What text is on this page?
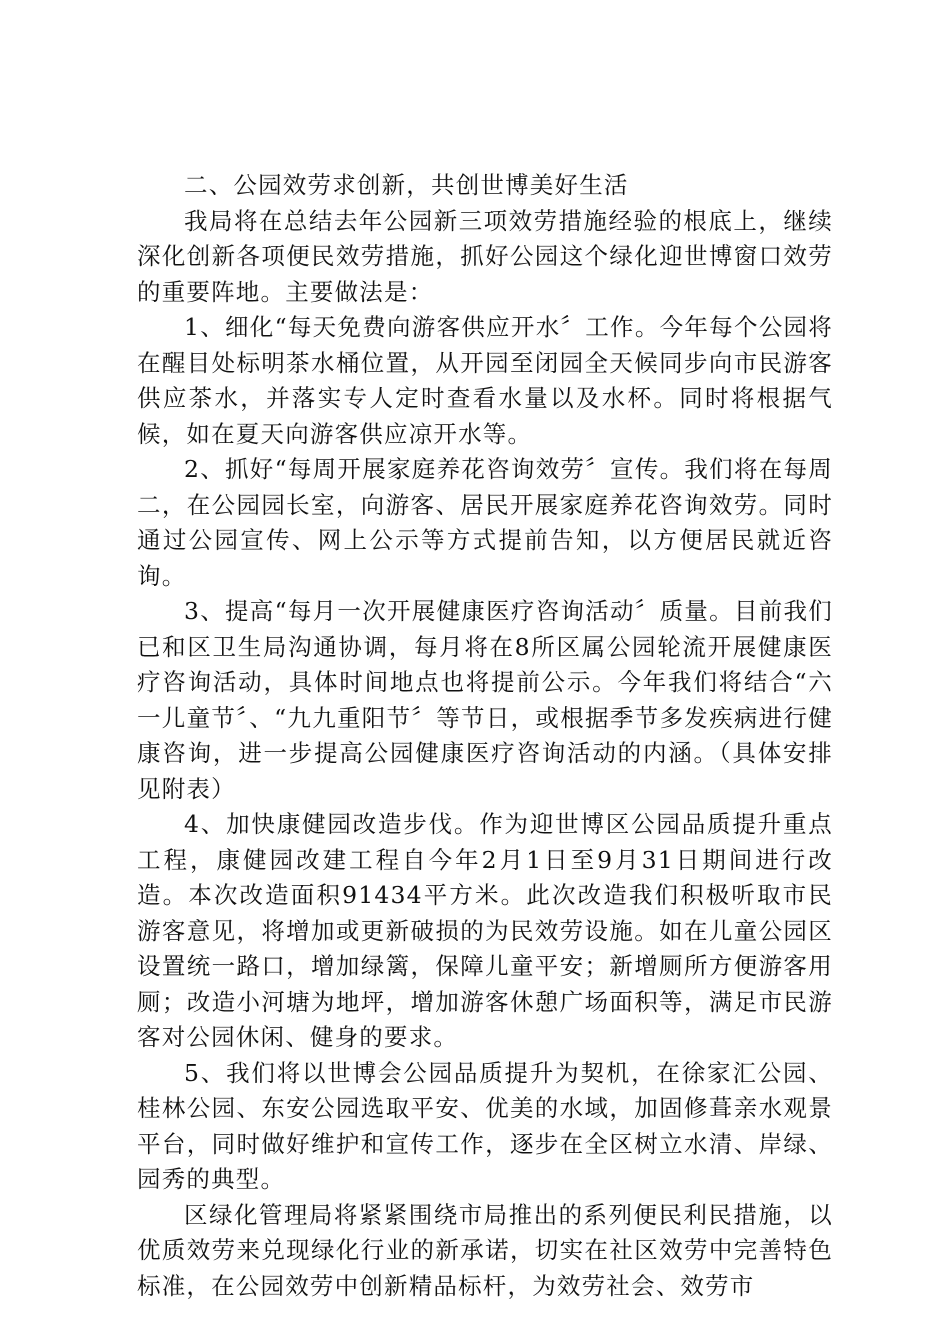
二、公园效劳求创新，共创世博美好生活

我局将在总结去年公园新三项效劳措施经验的根底上，继续深化创新各项便民效劳措施，抓好公园这个绿化迎世博窗口效劳的重要阵地。主要做法是：

1、细化“每天免费向游客供应开水〞工作。今年每个公园将在醒目处标明茶水桶位置，从开园至闭园全天候同步向市民游客供应茶水，并落实专人定时查看水量以及水杯。同时将根据气候，如在夏天向游客供应凉开水等。

2、抓好“每周开展家庭养花咨询效劳〞宣传。我们将在每周二，在公园园长室，向游客、居民开展家庭养花咨询效劳。同时通过公园宣传、网上公示等方式提前告知，以方便居民就近咨询。

3、提高“每月一次开展健康医疗咨询活动〞质量。目前我们已和区卫生局沟通协调，每月将在8所区属公园轮流开展健康医疗咨询活动，具体时间地点也将提前公示。今年我们将结合“六一儿童节〞、“九九重阳节〞等节日，或根据季节多发疾病进行健康咨询，进一步提高公园健康医疗咨询活动的内涵。（具体安排见附表）

4、加快康健园改造步伐。作为迎世博区公园品质提升重点工程，康健园改建工程自今年2月1日至9月31日期间进行改造。本次改造面积91434平方米。此次改造我们积极听取市民游客意见，将增加或更新破损的为民效劳设施。如在儿童公园区设置统一路口，增加绿篱，保障儿童平安；新增厕所方便游客用厕；改造小河塘为地坪，增加游客休憩广场面积等，满足市民游客对公园休闲、健身的要求。

5、我们将以世博会公园品质提升为契机，在徐家汇公园、桂林公园、东安公园选取平安、优美的水域，加固修葺亲水观景平台，同时做好维护和宣传工作，逐步在全区树立水清、岸绿、园秀的典型。

区绿化管理局将紧紧围绕市局推出的系列便民利民措施，以优质效劳来兑现绿化行业的新承诺，切实在社区效劳中完善特色标准，在公园效劳中创新精品标杆，为效劳社会、效劳市
